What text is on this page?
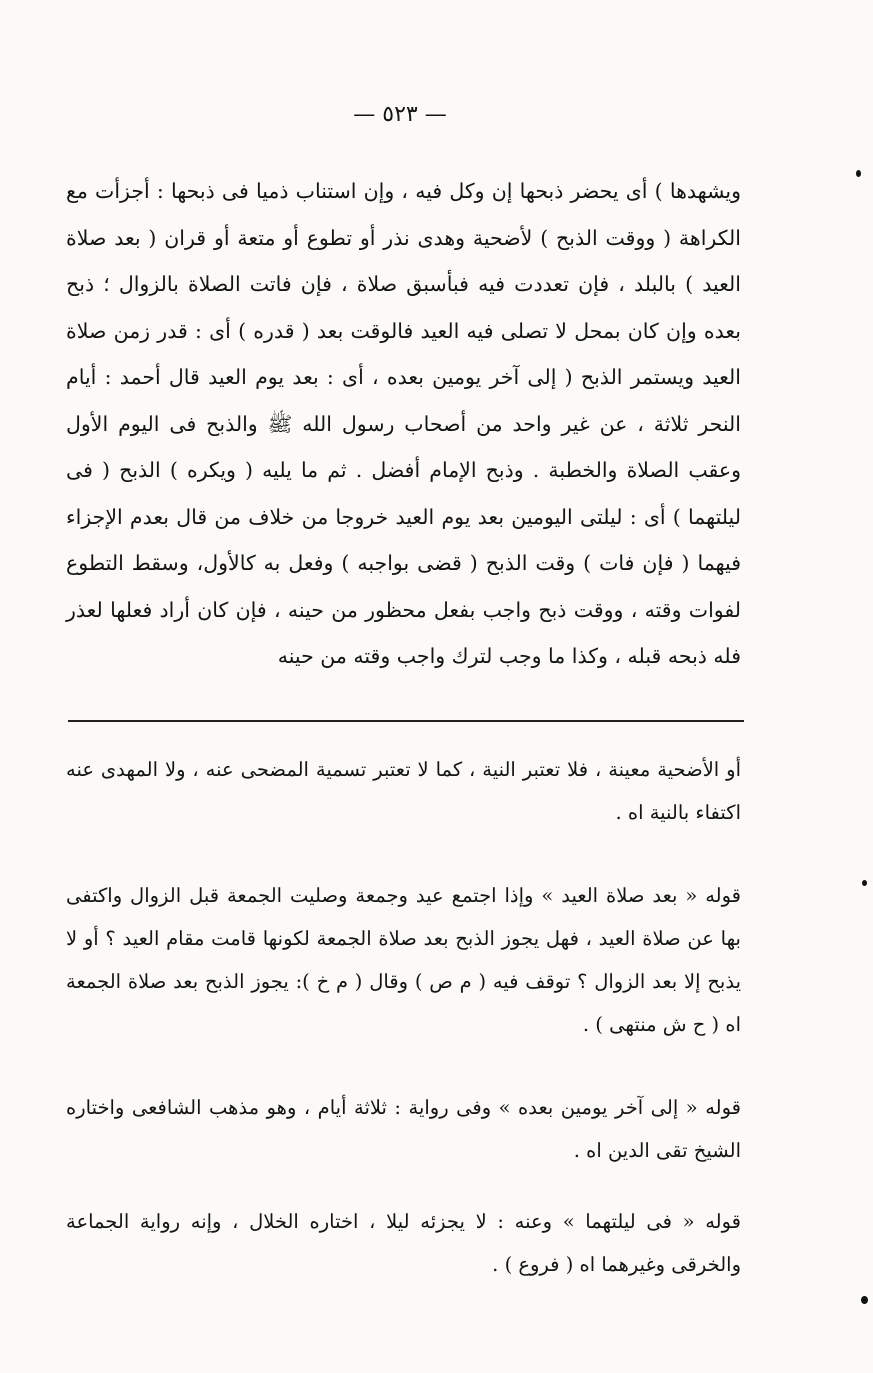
— ٥٢٣ —
ويشهدها ) أى يحضر ذبحها إن وكل فيه ، وإن استناب ذميا فى ذبحها : أجزأت مع الكراهة ( ووقت الذبح ) لأضحية وهدى نذر أو تطوع أو متعة أو قران ( بعد صلاة العيد ) بالبلد ، فإن تعددت فيه فبأسبق صلاة ، فإن فاتت الصلاة بالزوال ؛ ذبح بعده وإن كان بمحل لا تصلى فيه العيد فالوقت بعد ( قدره ) أى : قدر زمن صلاة العيد ويستمر الذبح ( إلى آخر يومين بعده ، أى : بعد يوم العيد قال أحمد : أيام النحر ثلاثة ، عن غير واحد من أصحاب رسول الله ﷺ والذبح فى اليوم الأول وعقب الصلاة والخطبة . وذبح الإمام أفضل . ثم ما يليه ( ويكره ) الذبح ( فى ليلتهما ) أى : ليلتى اليومين بعد يوم العيد خروجا من خلاف من قال بعدم الإجزاء فيهما ( فإن فات ) وقت الذبح ( قضى بواجبه ) وفعل به كالأول، وسقط التطوع لفوات وقته ، ووقت ذبح واجب بفعل محظور من حينه ، فإن كان أراد فعلها لعذر فله ذبحه قبله ، وكذا ما وجب لترك واجب وقته من حينه

أو الأضحية معينة ، فلا تعتبر النية ، كما لا تعتبر تسمية المضحى عنه ، ولا المهدى عنه اكتفاء بالنية اه .

قوله « بعد صلاة العيد » وإذا اجتمع عيد وجمعة وصليت الجمعة قبل الزوال واكتفى بها عن صلاة العيد ، فهل يجوز الذبح بعد صلاة الجمعة لكونها قامت مقام العيد ؟ أو لا يذبح إلا بعد الزوال ؟ توقف فيه ( م ص ) وقال ( م خ ): يجوز الذبح بعد صلاة الجمعة اه ( ح ش منتهى ) .

قوله « إلى آخر يومين بعده » وفى رواية : ثلاثة أيام ، وهو مذهب الشافعى واختاره الشيخ تقى الدين اه .

قوله « فى ليلتهما » وعنه : لا يجزئه ليلا ، اختاره الخلال ، وإنه رواية الجماعة والخرقى وغيرهما اه ( فروع ) .
